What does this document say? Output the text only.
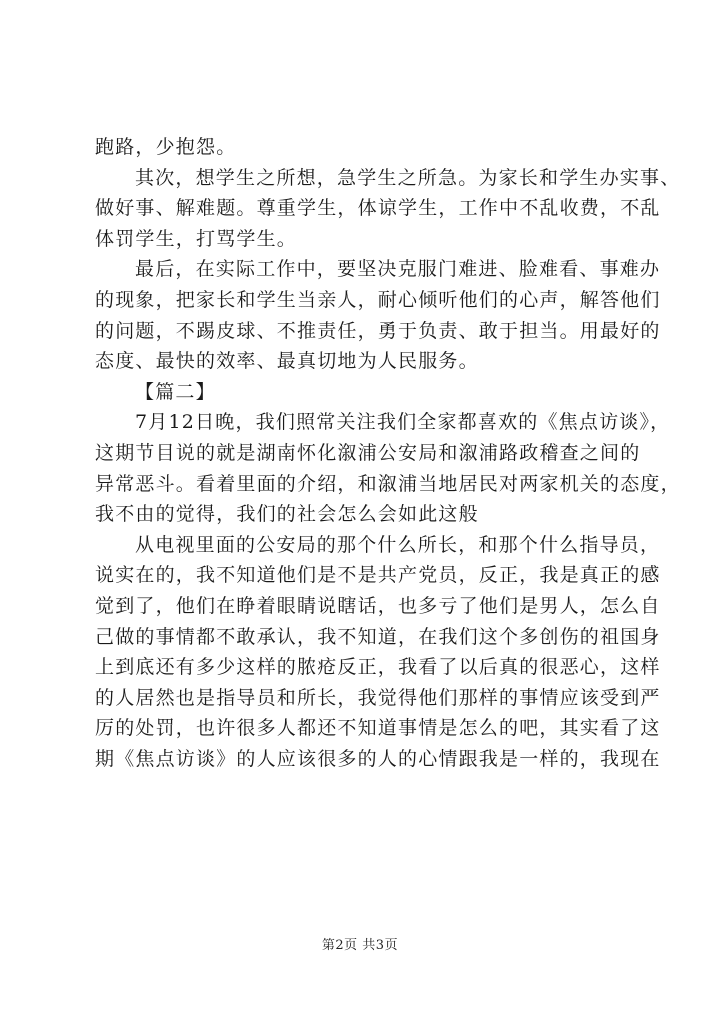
跑路，少抱怨。
其次，想学生之所想，急学生之所急。为家长和学生办实事、
做好事、解难题。尊重学生，体谅学生，工作中不乱收费，不乱
体罚学生，打骂学生。
最后，在实际工作中，要坚决克服门难进、脸难看、事难办
的现象，把家长和学生当亲人，耐心倾听他们的心声，解答他们
的问题，不踢皮球、不推责任，勇于负责、敢于担当。用最好的
态度、最快的效率、最真切地为人民服务。
【篇二】
7月12日晚，我们照常关注我们全家都喜欢的《焦点访谈》，
这期节目说的就是湖南怀化溆浦公安局和溆浦路政稽查之间的
异常恶斗。看着里面的介绍，和溆浦当地居民对两家机关的态度，
我不由的觉得，我们的社会怎么会如此这般
从电视里面的公安局的那个什么所长，和那个什么指导员，
说实在的，我不知道他们是不是共产党员，反正，我是真正的感
觉到了，他们在睁着眼睛说瞎话，也多亏了他们是男人，怎么自
己做的事情都不敢承认，我不知道，在我们这个多创伤的祖国身
上到底还有多少这样的脓疮反正，我看了以后真的很恶心，这样
的人居然也是指导员和所长，我觉得他们那样的事情应该受到严
厉的处罚，也许很多人都还不知道事情是怎么的吧，其实看了这
期《焦点访谈》的人应该很多的人的心情跟我是一样的，我现在
第2页 共3页
